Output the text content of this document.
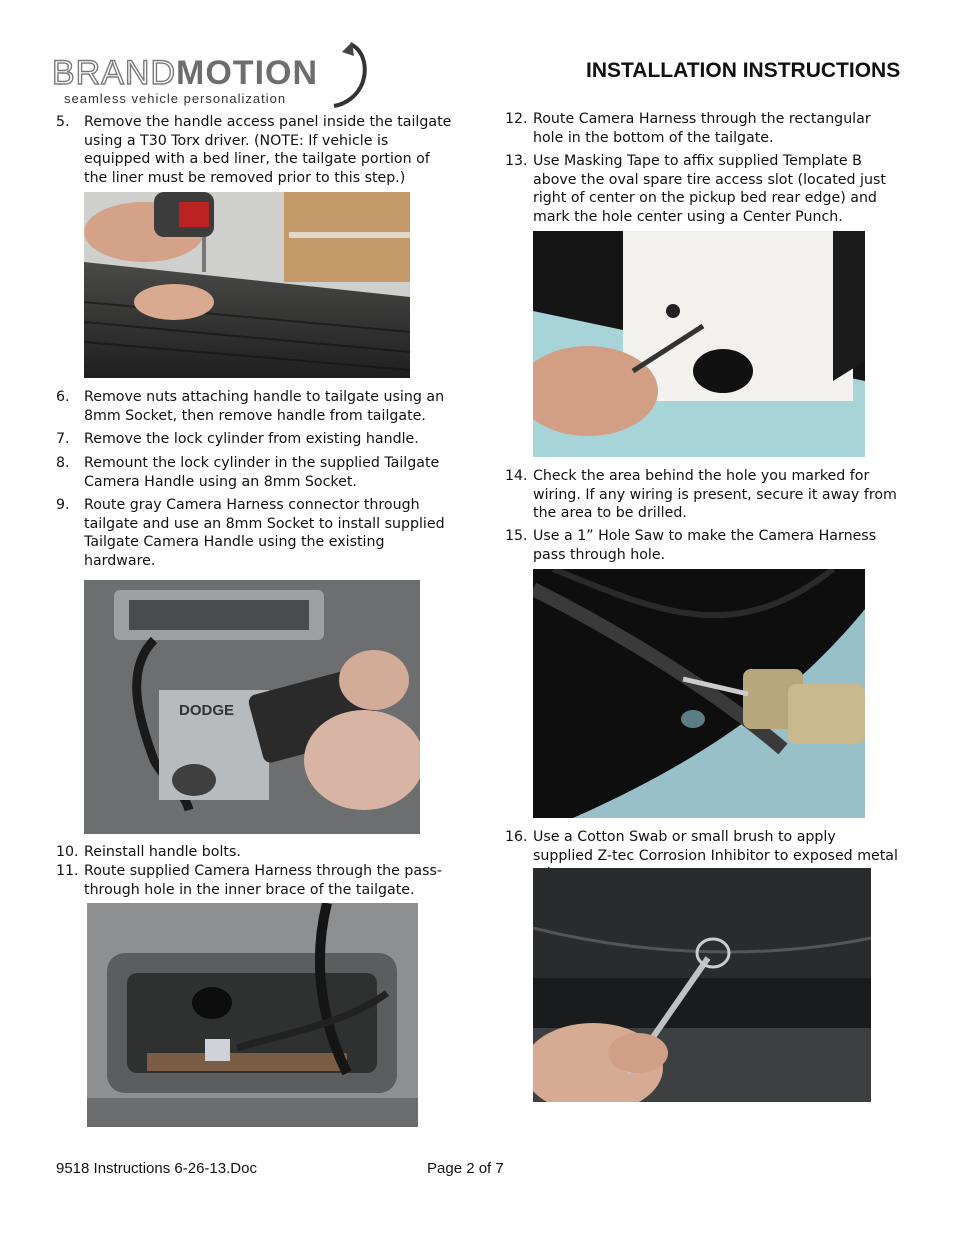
BRANDMOTION
seamless vehicle personalization
INSTALLATION INSTRUCTIONS
5. Remove the handle access panel inside the tailgate using a T30 Torx driver. (NOTE: If vehicle is equipped with a bed liner, the tailgate portion of the liner must be removed prior to this step.)
6. Remove nuts attaching handle to tailgate using an 8mm Socket, then remove handle from tailgate.
7. Remove the lock cylinder from existing handle.
8. Remount the lock cylinder in the supplied Tailgate Camera Handle using an 8mm Socket.
9. Route gray Camera Harness connector through tailgate and use an 8mm Socket to install supplied Tailgate Camera Handle using the existing hardware.
DODGE
10. Reinstall handle bolts.
11. Route supplied Camera Harness through the pass-through hole in the inner brace of the tailgate.
12. Route Camera Harness through the rectangular hole in the bottom of the tailgate.
13. Use Masking Tape to affix supplied Template B above the oval spare tire access slot (located just right of center on the pickup bed rear edge) and mark the hole center using a Center Punch.
14. Check the area behind the hole you marked for wiring. If any wiring is present, secure it away from the area to be drilled.
15. Use a 1” Hole Saw to make the Camera Harness pass through hole.
16. Use a Cotton Swab or small brush to apply supplied Z-tec Corrosion Inhibitor to exposed metal
9518 Instructions 6-26-13.Doc	Page 2 of 7
